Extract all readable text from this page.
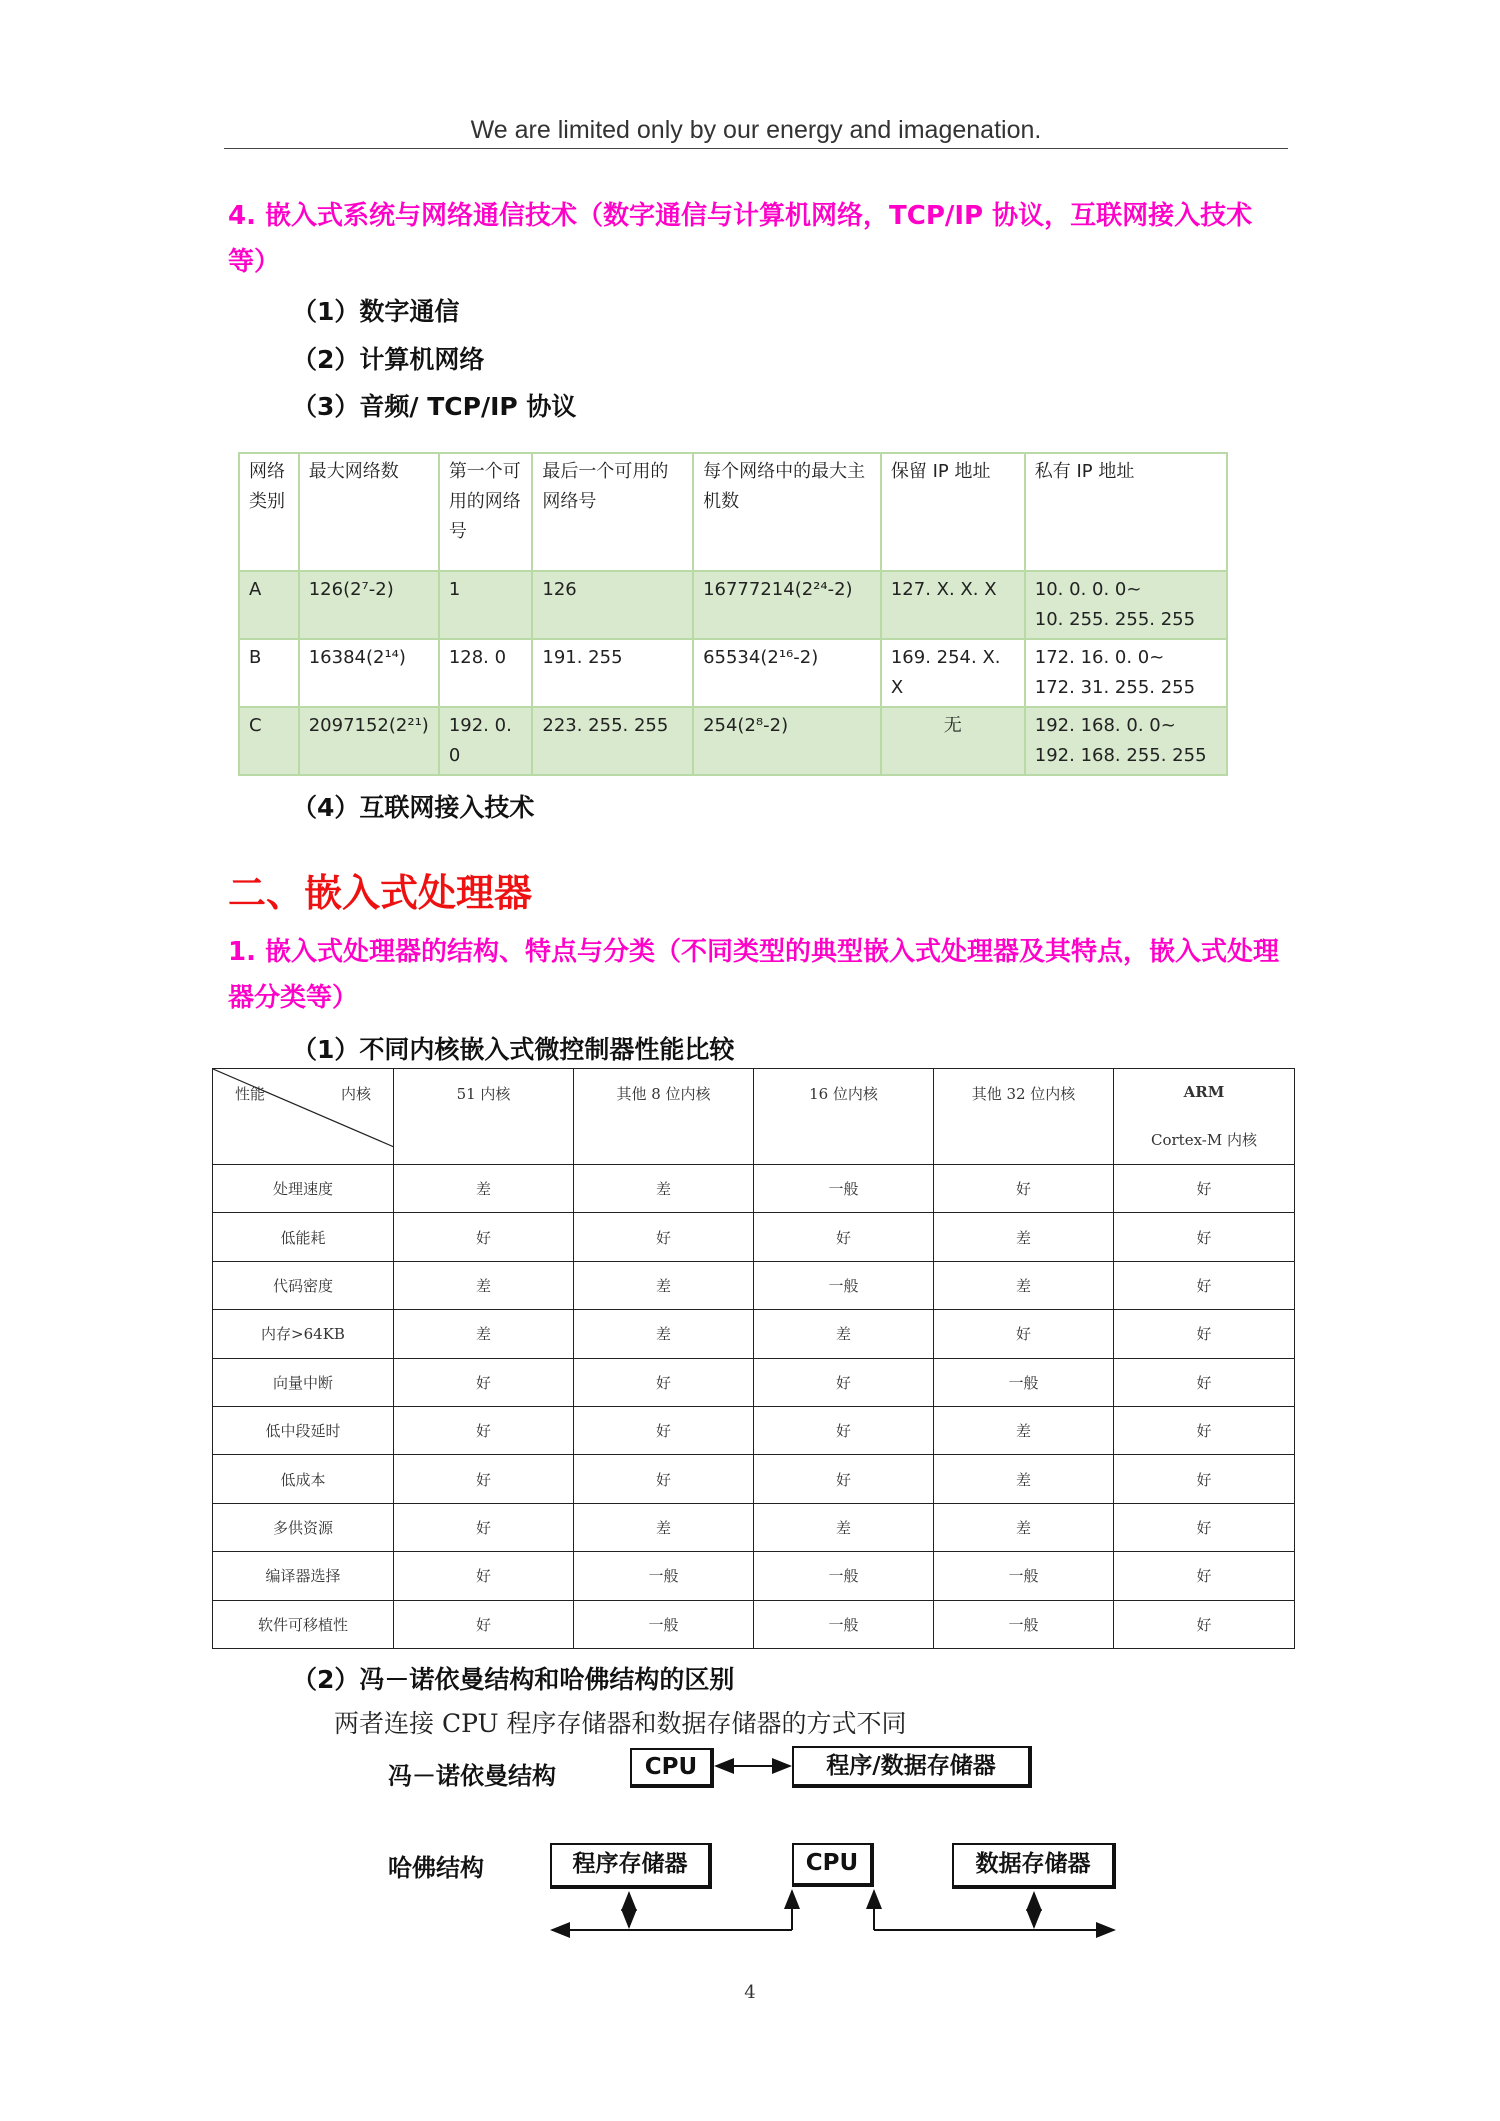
We are limited only by our energy and imagenation.
4. 嵌入式系统与网络通信技术（数字通信与计算机网络，TCP/IP 协议，互联网接入技术等）
（1）数字通信
（2）计算机网络
（3）音频/ TCP/IP 协议
网络类别	最大网络数	第一个可用的网络号	最后一个可用的网络号	每个网络中的最大主机数	保留 IP 地址	私有 IP 地址
A	126(2⁷-2)	1	126	16777214(2²⁴-2)	127. X. X. X	10. 0. 0. 0~
10. 255. 255. 255

B	16384(2¹⁴)	128. 0	191. 255	65534(2¹⁶-2)	169. 254. X. X	172. 16. 0. 0~
172. 31. 255. 255

C	2097152(2²¹)	192. 0. 0	223. 255. 255	254(2⁸-2)	无	192. 168. 0. 0~
192. 168. 255. 255
（4）互联网接入技术
二、嵌入式处理器
1. 嵌入式处理器的结构、特点与分类（不同类型的典型嵌入式处理器及其特点，嵌入式处理器分类等）
（1）不同内核嵌入式微控制器性能比较
性能 内核	51 内核	其他 8 位内核	16 位内核	其他 32 位内核	ARM
Cortex-M 内核

处理速度	差	差	一般	好	好
低能耗	好	好	好	差	好
代码密度	差	差	一般	差	好
内存>64KB	差	差	差	好	好
向量中断	好	好	好	一般	好
低中段延时	好	好	好	差	好
低成本	好	好	好	差	好
多供资源	好	差	差	差	好
编译器选择	好	一般	一般	一般	好
软件可移植性	好	一般	一般	一般	好
（2）冯－诺依曼结构和哈佛结构的区别
两者连接 CPU 程序存储器和数据存储器的方式不同
冯－诺依曼结构	CPU	程序/数据存储器
哈佛结构	程序存储器	CPU	数据存储器
4
